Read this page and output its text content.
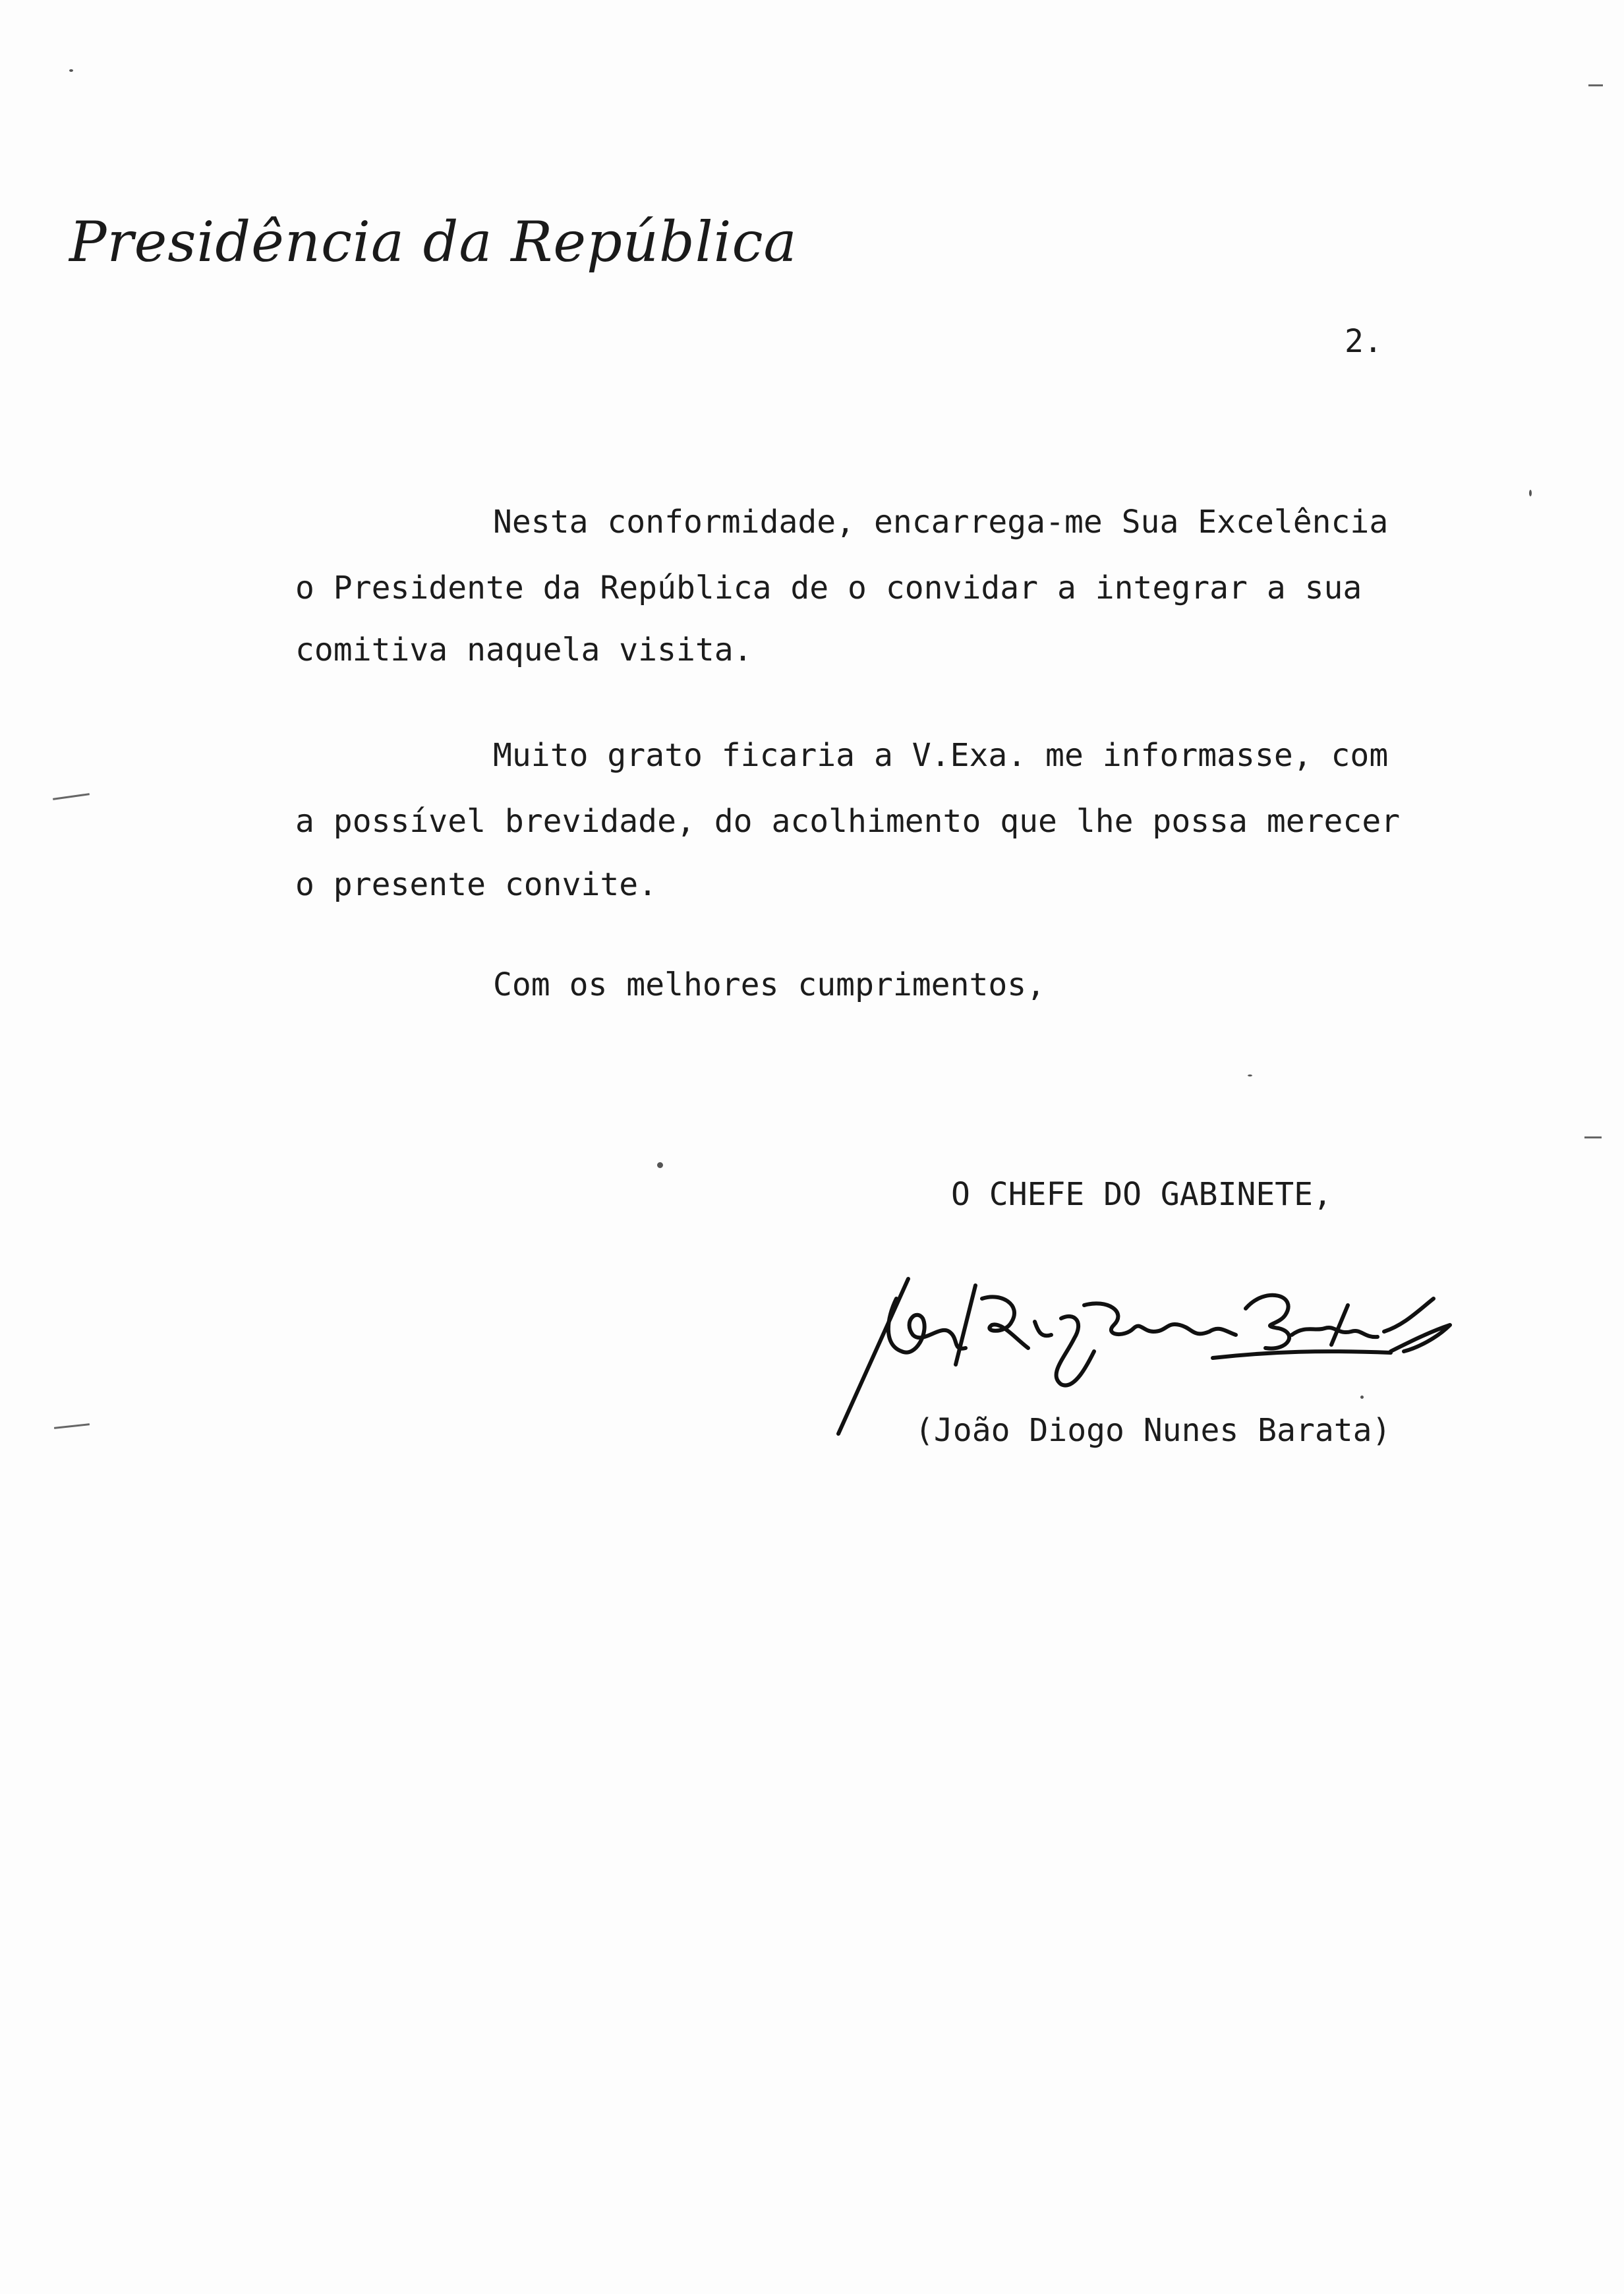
Presidência da República
2.
Nesta conformidade, encarrega-me Sua Excelência
o Presidente da República de o convidar a integrar a sua
comitiva naquela visita.
Muito grato ficaria a V.Exa. me informasse, com
a possível brevidade, do acolhimento que lhe possa merecer
o presente convite.
Com os melhores cumprimentos,
O CHEFE DO GABINETE,
(João Diogo Nunes Barata)
